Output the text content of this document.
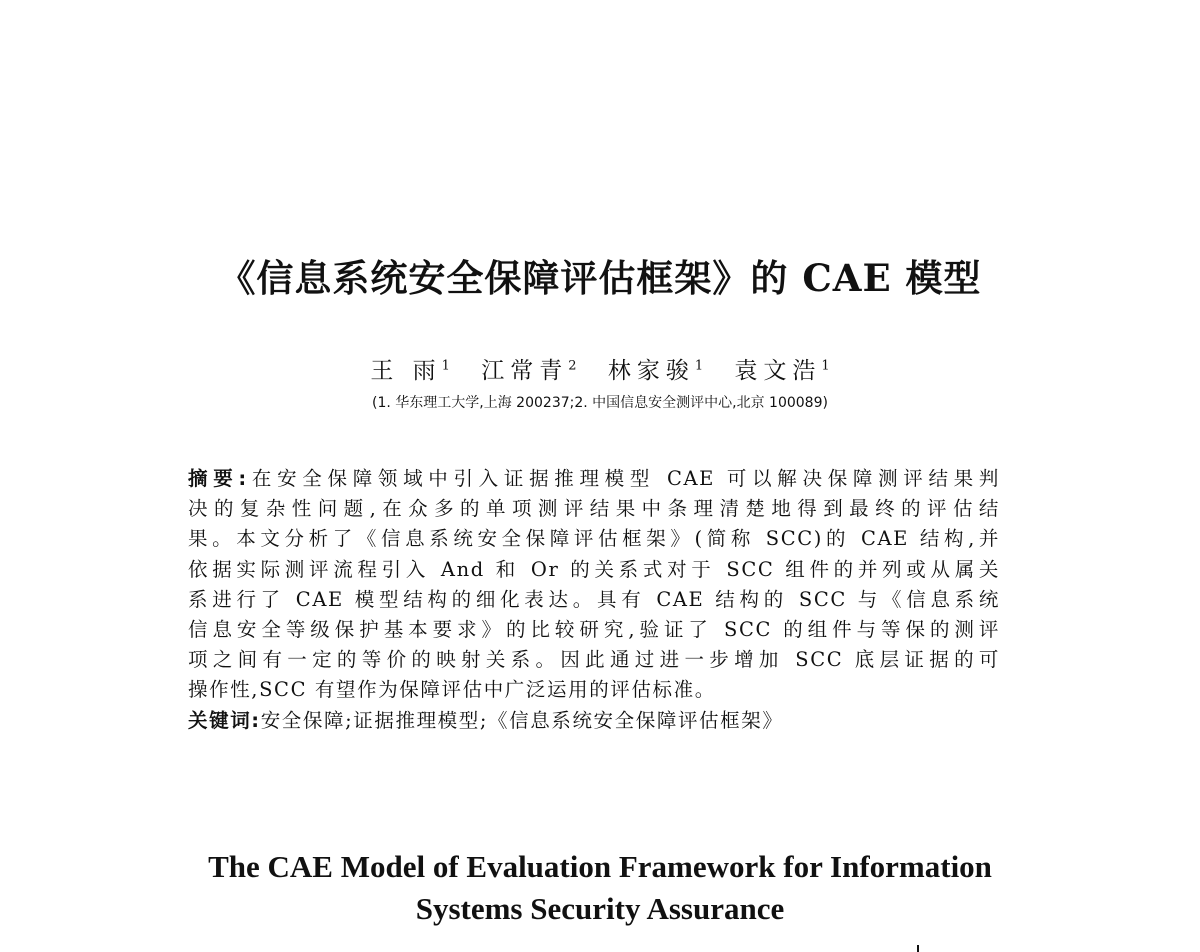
《信息系统安全保障评估框架》的 CAE 模型
王 雨$^1$ 江常青$^2$ 林家骏$^1$ 袁文浩$^1$
(1. 华东理工大学,上海 200237;2. 中国信息安全测评中心,北京 100089)
摘要:在安全保障领域中引入证据推理模型 CAE 可以解决保障测评结果判
决的复杂性问题,在众多的单项测评结果中条理清楚地得到最终的评估结
果。本文分析了《信息系统安全保障评估框架》(简称 SCC)的 CAE 结构,并
依据实际测评流程引入 And 和 Or 的关系式对于 SCC 组件的并列或从属关
系进行了 CAE 模型结构的细化表达。具有 CAE 结构的 SCC 与《信息系统
信息安全等级保护基本要求》的比较研究,验证了 SCC 的组件与等保的测评
项之间有一定的等价的映射关系。因此通过进一步增加 SCC 底层证据的可
操作性,SCC 有望作为保障评估中广泛运用的评估标准。
关键词:安全保障;证据推理模型;《信息系统安全保障评估框架》
The CAE Model of Evaluation Framework for Information
Systems Security Assurance
